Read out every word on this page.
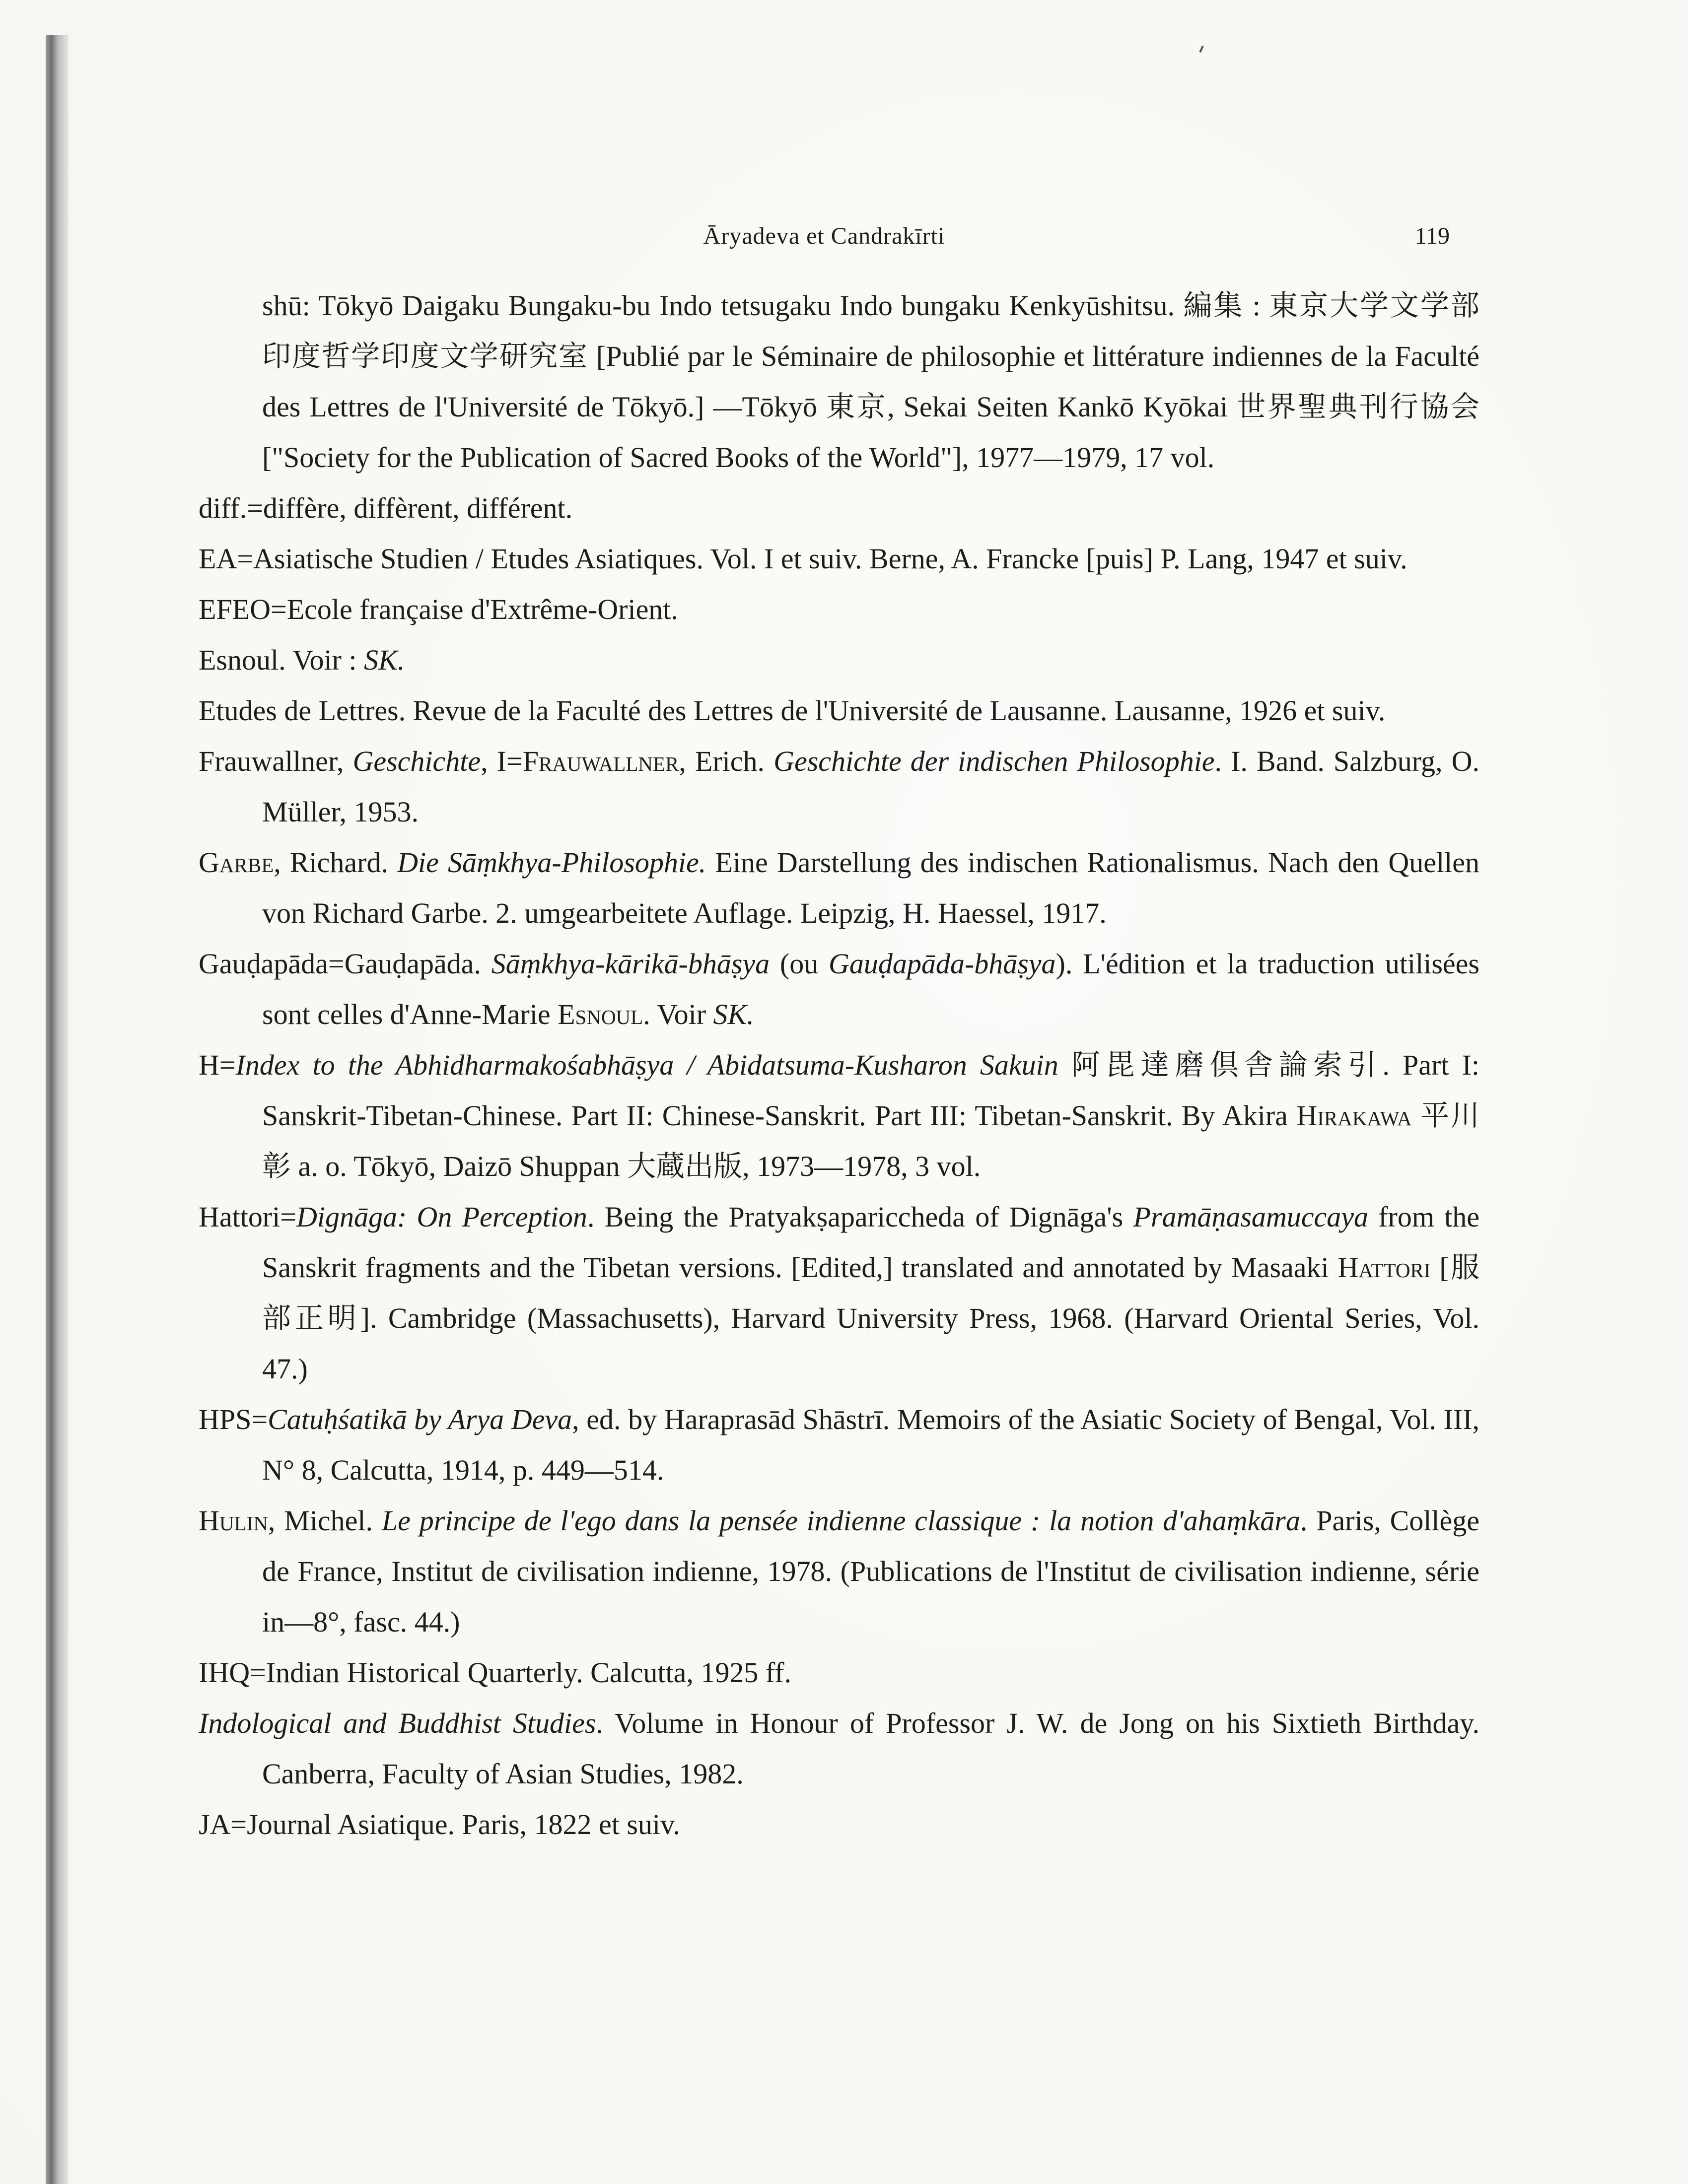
Āryadeva et Candrakīrti	119

shū: Tōkyō Daigaku Bungaku-bu Indo tetsugaku Indo bungaku Kenkyūshitsu. 編集 : 東京大学文学部印度哲学印度文学研究室 [Publié par le Séminaire de philosophie et littérature indiennes de la Faculté des Lettres de l'Université de Tōkyō.] —Tōkyō 東京, Sekai Seiten Kankō Kyōkai 世界聖典刊行協会 ["Society for the Publication of Sacred Books of the World"], 1977—1979, 17 vol.

diff.=diffère, diffèrent, différent.

EA=Asiatische Studien / Etudes Asiatiques. Vol. I et suiv. Berne, A. Francke [puis] P. Lang, 1947 et suiv.

EFEO=Ecole française d'Extrême-Orient.

Esnoul. Voir : SK.

Etudes de Lettres. Revue de la Faculté des Lettres de l'Université de Lausanne. Lausanne, 1926 et suiv.

Frauwallner, Geschichte, I=Frauwallner, Erich. Geschichte der indischen Philosophie. I. Band. Salzburg, O. Müller, 1953.

Garbe, Richard. Die Sāṃkhya-Philosophie. Eine Darstellung des indischen Rationalismus. Nach den Quellen von Richard Garbe. 2. umgearbeitete Auflage. Leipzig, H. Haessel, 1917.

Gauḍapāda=Gauḍapāda. Sāṃkhya-kārikā-bhāṣya (ou Gauḍapāda-bhāṣya). L'édition et la traduction utilisées sont celles d'Anne-Marie Esnoul. Voir SK.

H=Index to the Abhidharmakośabhāṣya / Abidatsuma-Kusharon Sakuin 阿毘達磨倶舎論索引. Part I: Sanskrit-Tibetan-Chinese. Part II: Chinese-Sanskrit. Part III: Tibetan-Sanskrit. By Akira Hirakawa 平川彰 a. o. Tōkyō, Daizō Shuppan 大蔵出版, 1973—1978, 3 vol.

Hattori=Dignāga: On Perception. Being the Pratyakṣapariccheda of Dignāga's Pramāṇasamuccaya from the Sanskrit fragments and the Tibetan versions. [Edited,] translated and annotated by Masaaki Hattori [服部正明]. Cambridge (Massachusetts), Harvard University Press, 1968. (Harvard Oriental Series, Vol. 47.)

HPS=Catuḥśatikā by Arya Deva, ed. by Haraprasād Shāstrī. Memoirs of the Asiatic Society of Bengal, Vol. III, N° 8, Calcutta, 1914, p. 449—514.

Hulin, Michel. Le principe de l'ego dans la pensée indienne classique : la notion d'ahaṃkāra. Paris, Collège de France, Institut de civilisation indienne, 1978. (Publications de l'Institut de civilisation indienne, série in—8°, fasc. 44.)

IHQ=Indian Historical Quarterly. Calcutta, 1925 ff.

Indological and Buddhist Studies. Volume in Honour of Professor J. W. de Jong on his Sixtieth Birthday. Canberra, Faculty of Asian Studies, 1982.

JA=Journal Asiatique. Paris, 1822 et suiv.
